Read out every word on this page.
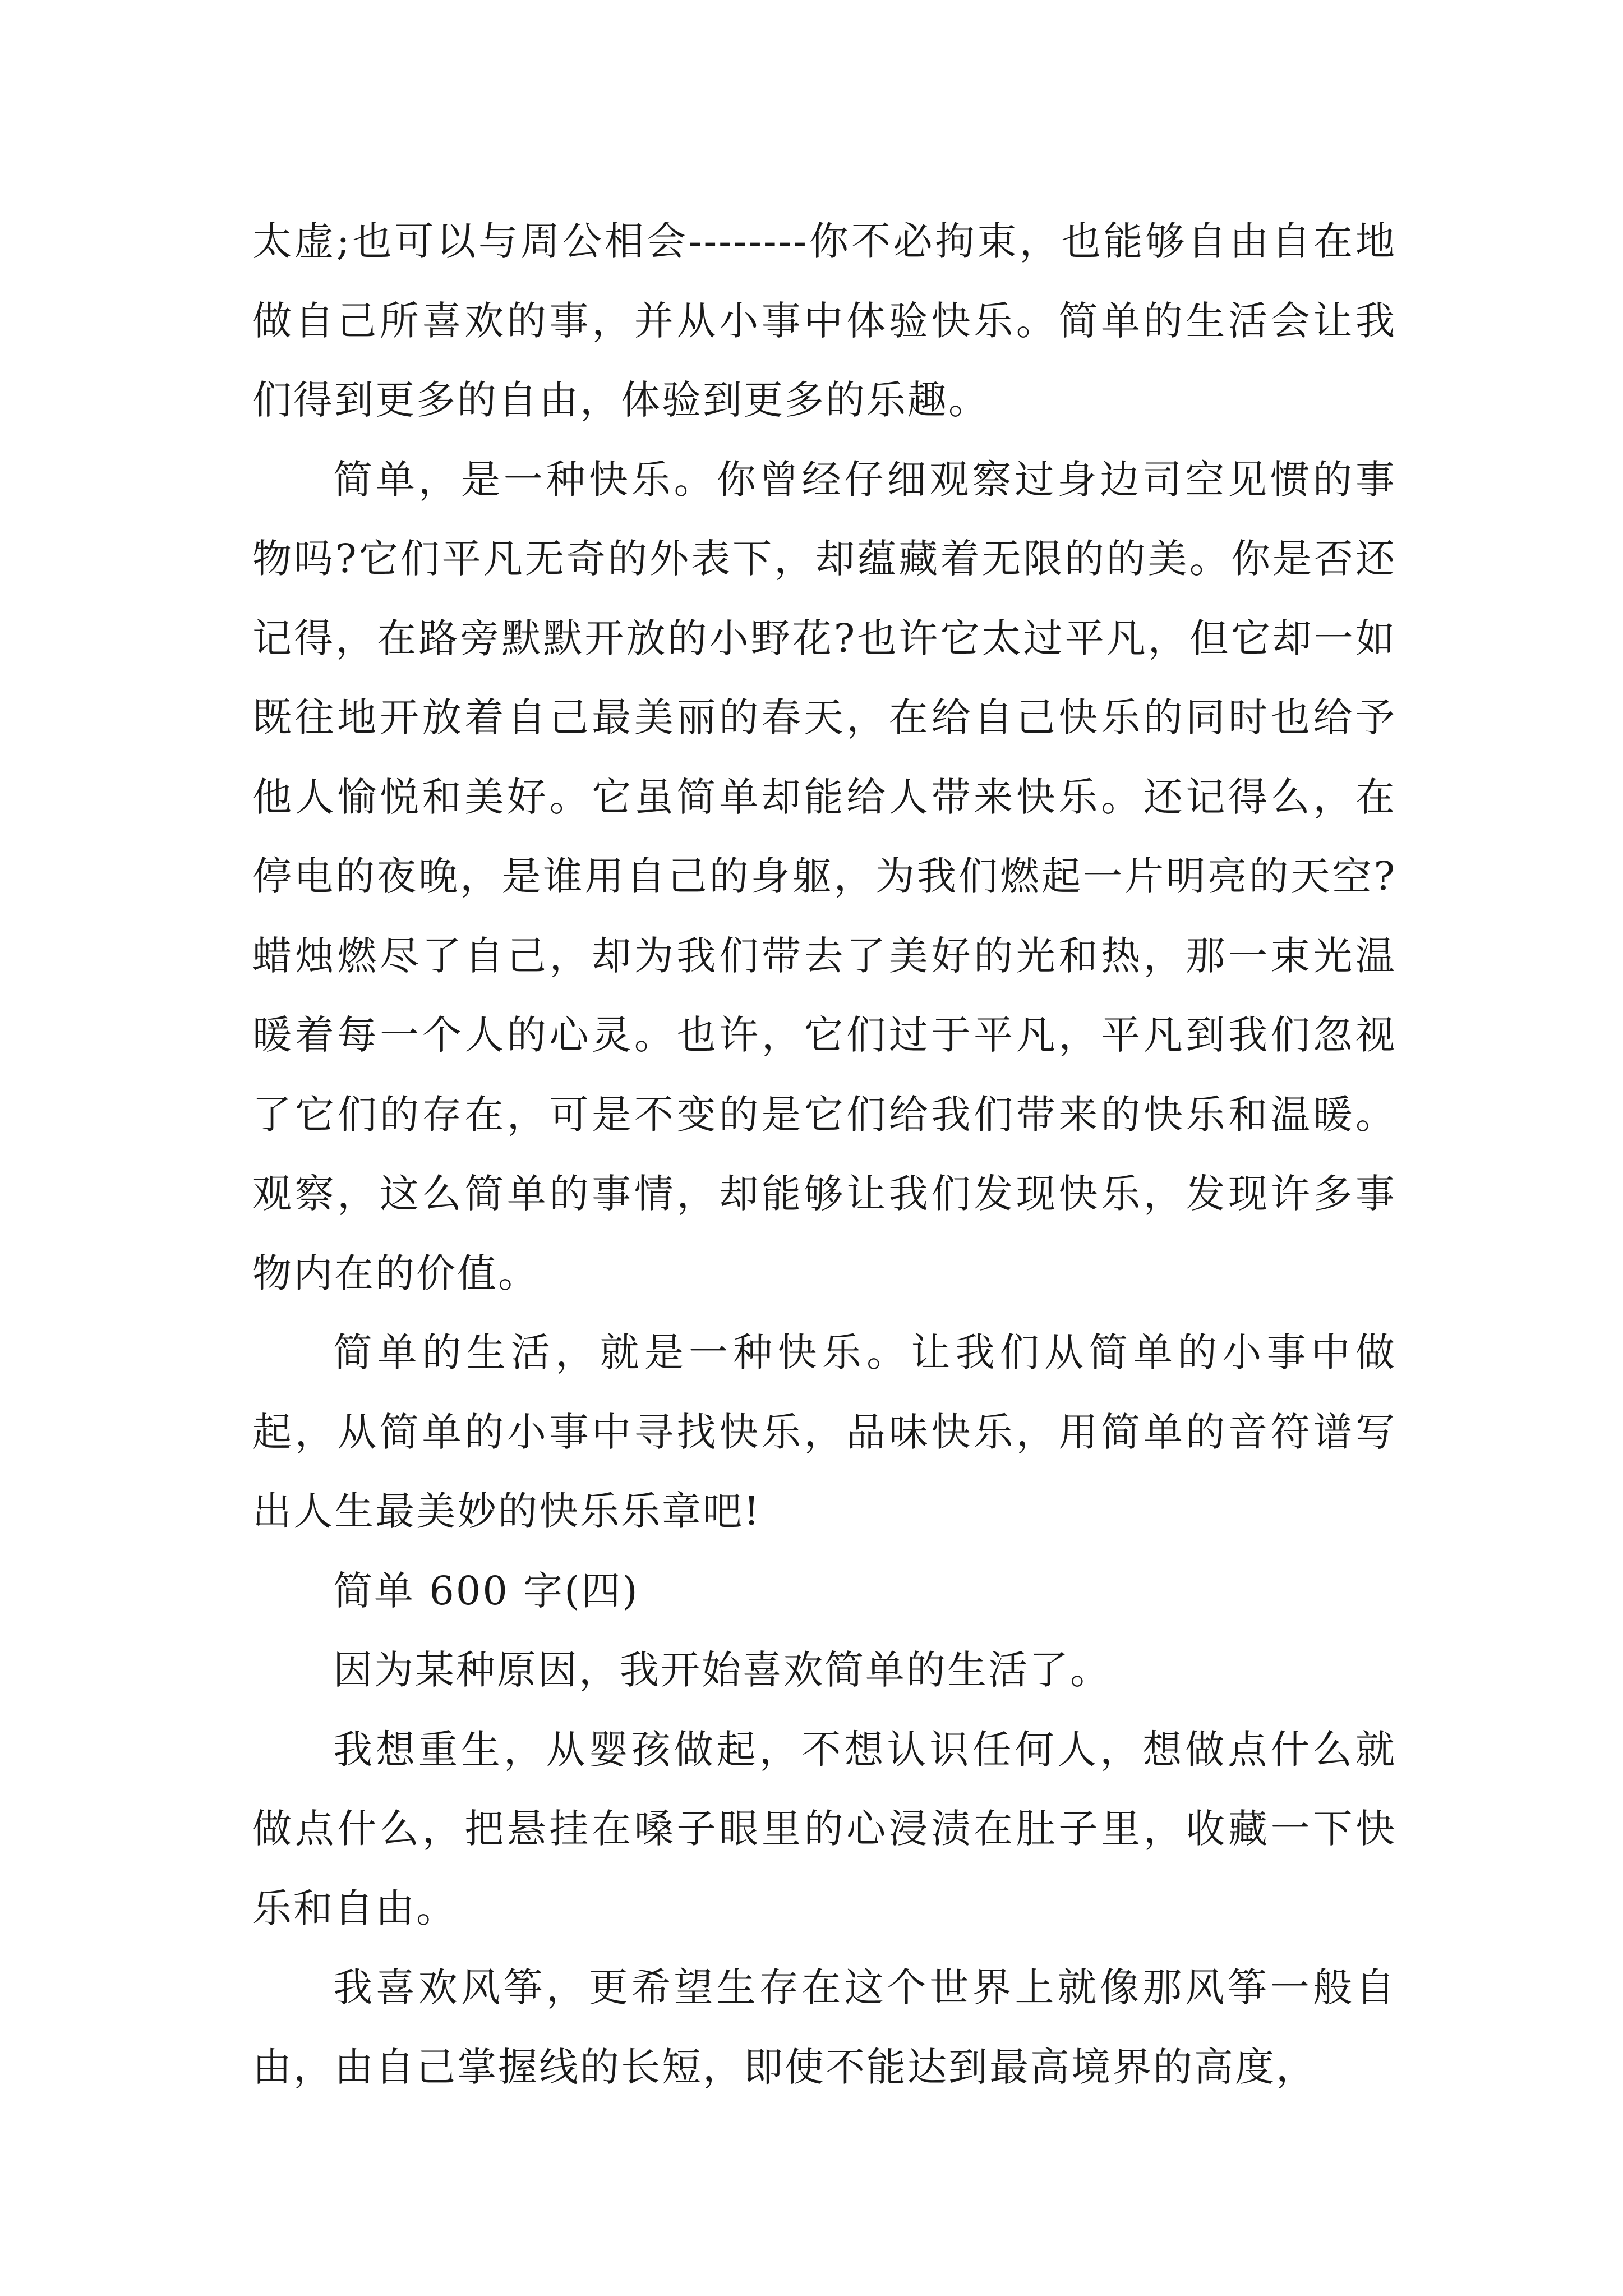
太虚;也可以与周公相会--------你不必拘束，也能够自由自在地做自己所喜欢的事，并从小事中体验快乐。简单的生活会让我们得到更多的自由，体验到更多的乐趣。

简单，是一种快乐。你曾经仔细观察过身边司空见惯的事物吗?它们平凡无奇的外表下，却蕴藏着无限的的美。你是否还记得，在路旁默默开放的小野花?也许它太过平凡，但它却一如既往地开放着自己最美丽的春天，在给自己快乐的同时也给予他人愉悦和美好。它虽简单却能给人带来快乐。还记得么，在停电的夜晚，是谁用自己的身躯，为我们燃起一片明亮的天空?蜡烛燃尽了自己，却为我们带去了美好的光和热，那一束光温暖着每一个人的心灵。也许，它们过于平凡，平凡到我们忽视了它们的存在，可是不变的是它们给我们带来的快乐和温暖。观察，这么简单的事情，却能够让我们发现快乐，发现许多事物内在的价值。

简单的生活，就是一种快乐。让我们从简单的小事中做起，从简单的小事中寻找快乐，品味快乐，用简单的音符谱写出人生最美妙的快乐乐章吧!

简单 600 字(四)

因为某种原因，我开始喜欢简单的生活了。

我想重生，从婴孩做起，不想认识任何人，想做点什么就做点什么，把悬挂在嗓子眼里的心浸渍在肚子里，收藏一下快乐和自由。

我喜欢风筝，更希望生存在这个世界上就像那风筝一般自由，由自己掌握线的长短，即使不能达到最高境界的高度，
